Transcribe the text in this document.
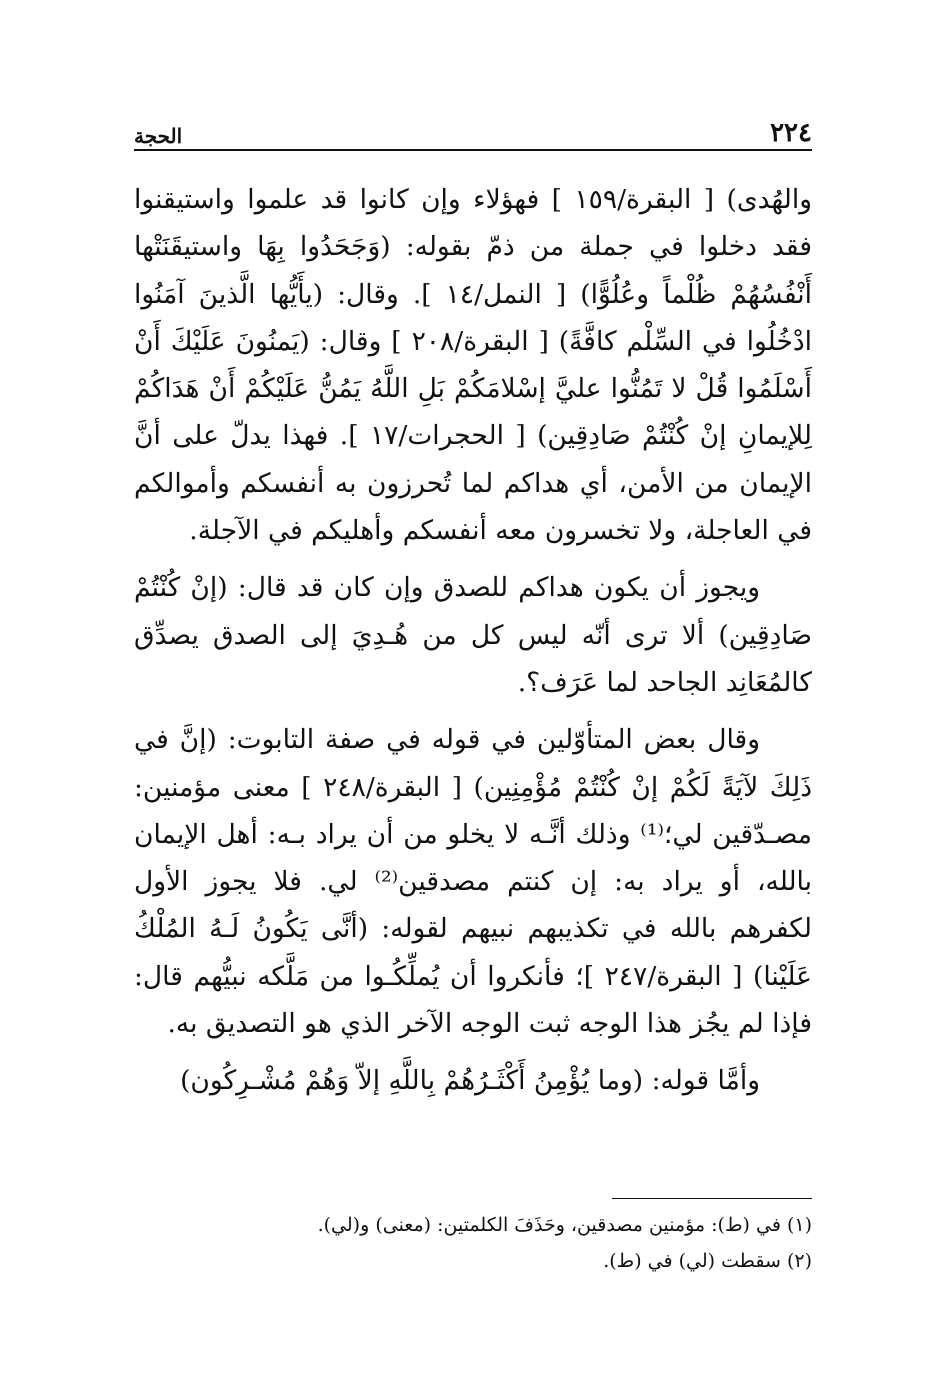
٢٢٤
الحجة

والهُدى) [ البقرة/١٥٩ ] فهؤلاء وإن كانوا قد علموا واستيقنوا فقد دخلوا في جملة من ذمّ بقوله: (وَجَحَدُوا بِهَا واستيقَنَتْها أَنْفُسُهُمْ ظُلْماً وعُلُوًّا) [ النمل/١٤ ]. وقال: (يأَيُّها الَّذينَ آمَنُوا ادْخُلُوا في السِّلْم كافَّةً) [ البقرة/٢٠٨ ] وقال: (يَمنُونَ عَلَيْكَ أَنْ أَسْلَمُوا قُلْ لا تَمُنُّوا عليَّ إسْلامَكُمْ بَلِ اللَّهُ يَمُنُّ عَلَيْكُمْ أَنْ هَدَاكُمْ لِلإيمانِ إنْ كُنْتُمْ صَادِقِين) [ الحجرات/١٧ ]. فهذا يدلّ على أنَّ الإيمان من الأمن، أي هداكم لما تُحرزون به أنفسكم وأموالكم في العاجلة، ولا تخسرون معه أنفسكم وأهليكم في الآجلة.

ويجوز أن يكون هداكم للصدق وإن كان قد قال: (إنْ كُنْتُمْ صَادِقِين) ألا ترى أنّه ليس كل من هُـدِيَ إلى الصدق يصدِّق كالمُعَانِد الجاحد لما عَرَف؟.

وقال بعض المتأوّلين في قوله في صفة التابوت: (إنَّ في ذَلِكَ لآيَةً لَكُمْ إنْ كُنْتُمْ مُؤْمِنِين) [ البقرة/٢٤٨ ] معنى مؤمنين: مصـدّقين لي؛⁽¹⁾ وذلك أنَّـه لا يخلو من أن يراد بـه: أهل الإيمان بالله، أو يراد به: إن كنتم مصدقين⁽²⁾ لي. فلا يجوز الأول لكفرهم بالله في تكذيبهم نبيهم لقوله: (أنَّى يَكُونُ لَـهُ المُلْكُ عَلَيْنا) [ البقرة/٢٤٧ ]؛ فأنكروا أن يُملِّكُـوا من مَلَّكه نبيُّهم قال: فإذا لم يجُز هذا الوجه ثبت الوجه الآخر الذي هو التصديق به.

وأمَّا قوله: (وما يُؤْمِنُ أَكْثَـرُهُمْ بِاللَّهِ إلاّ وَهُمْ مُشْـرِكُون)

(١) في (ط): مؤمنين مصدقين، وحَذَفَ الكلمتين: (معنى) و(لي).
(٢) سقطت (لي) في (ط).
